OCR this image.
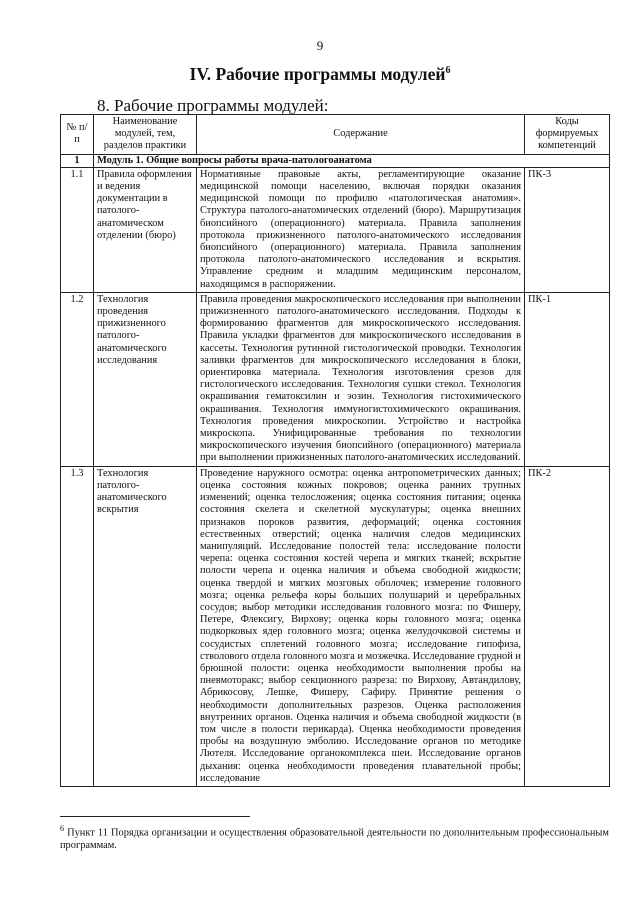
9
IV. Рабочие программы модулей$^6$
8. Рабочие программы модулей:
№ п/п	Наименование модулей, тем, разделов практики	Содержание	Коды формируемых компетенций
1	Модуль 1. Общие вопросы работы врача-патологоанатома		
1.1	Правила оформления и ведения документации в патолого-анатомическом отделении (бюро)	Нормативные правовые акты, регламентирующие оказание медицинской помощи населению, включая порядки оказания медицинской помощи по профилю «патологическая анатомия». Структура патолого-анатомических отделений (бюро). Маршрутизация биопсийного (операционного) материала. Правила заполнения протокола прижизненного патолого-анатомического исследования биопсийного (операционного) материала. Правила заполнения протокола патолого-анатомического исследования и вскрытия. Управление средним и младшим медицинским персоналом, находящимся в распоряжении.	ПК-3
1.2	Технология проведения прижизненного патолого-анатомического исследования	Правила проведения макроскопического исследования при выполнении прижизненного патолого-анатомического исследования. Подходы к формированию фрагментов для микроскопического исследования. Правила укладки фрагментов для микроскопического исследования в кассеты. Технология рутинной гистологической проводки. Технология заливки фрагментов для микроскопического исследования в блоки, ориентировка материала. Технология изготовления срезов для гистологического исследования. Технология сушки стекол. Технология окрашивания гематоксилин и эозин. Технология гистохимического окрашивания. Технология иммуногистохимического окрашивания. Технология проведения микроскопии. Устройство и настройка микроскопа. Унифицированные требования по технологии микроскопического изучения биопсийного (операционного) материала при выполнении прижизненных патолого-анатомических исследований.	ПК-1
1.3	Технология патолого-анатомического вскрытия	Проведение наружного осмотра: оценка антропометрических данных; оценка состояния кожных покровов; оценка ранних трупных изменений; оценка телосложения; оценка состояния питания; оценка состояния скелета и скелетной мускулатуры; оценка внешних признаков пороков развития, деформаций; оценка состояния естественных отверстий; оценка наличия следов медицинских манипуляций. Исследование полостей тела: исследование полости черепа: оценка состояния костей черепа и мягких тканей; вскрытие полости черепа и оценка наличия и объема свободной жидкости; оценка твердой и мягких мозговых оболочек; измерение головного мозга; оценка рельефа коры больших полушарий и церебральных сосудов; выбор методики исследования головного мозга: по Фишеру, Петере, Флексигу, Вирхову; оценка коры головного мозга; оценка подкорковых ядер головного мозга; оценка желудочковой системы и сосудистых сплетений головного мозга; исследование гипофиза, стволового отдела головного мозга и мозжечка. Исследование грудной и брюшной полости: оценка необходимости выполнения пробы на пневмоторакс; выбор секционного разреза: по Вирхову, Автандилову, Абрикосову, Лешке, Фишеру, Сафиру. Принятие решения о необходимости дополнительных разрезов. Оценка расположения внутренних органов. Оценка наличия и объема свободной жидкости (в том числе в полости перикарда). Оценка необходимости проведения пробы на воздушную эмболию. Исследование органов по методике Лютеля. Исследование органокомплекса шеи. Исследование органов дыхания: оценка необходимости проведения плавательной пробы; исследование	ПК-2
$^6$ Пункт 11 Порядка организации и осуществления образовательной деятельности по дополнительным профессиональным программам.
